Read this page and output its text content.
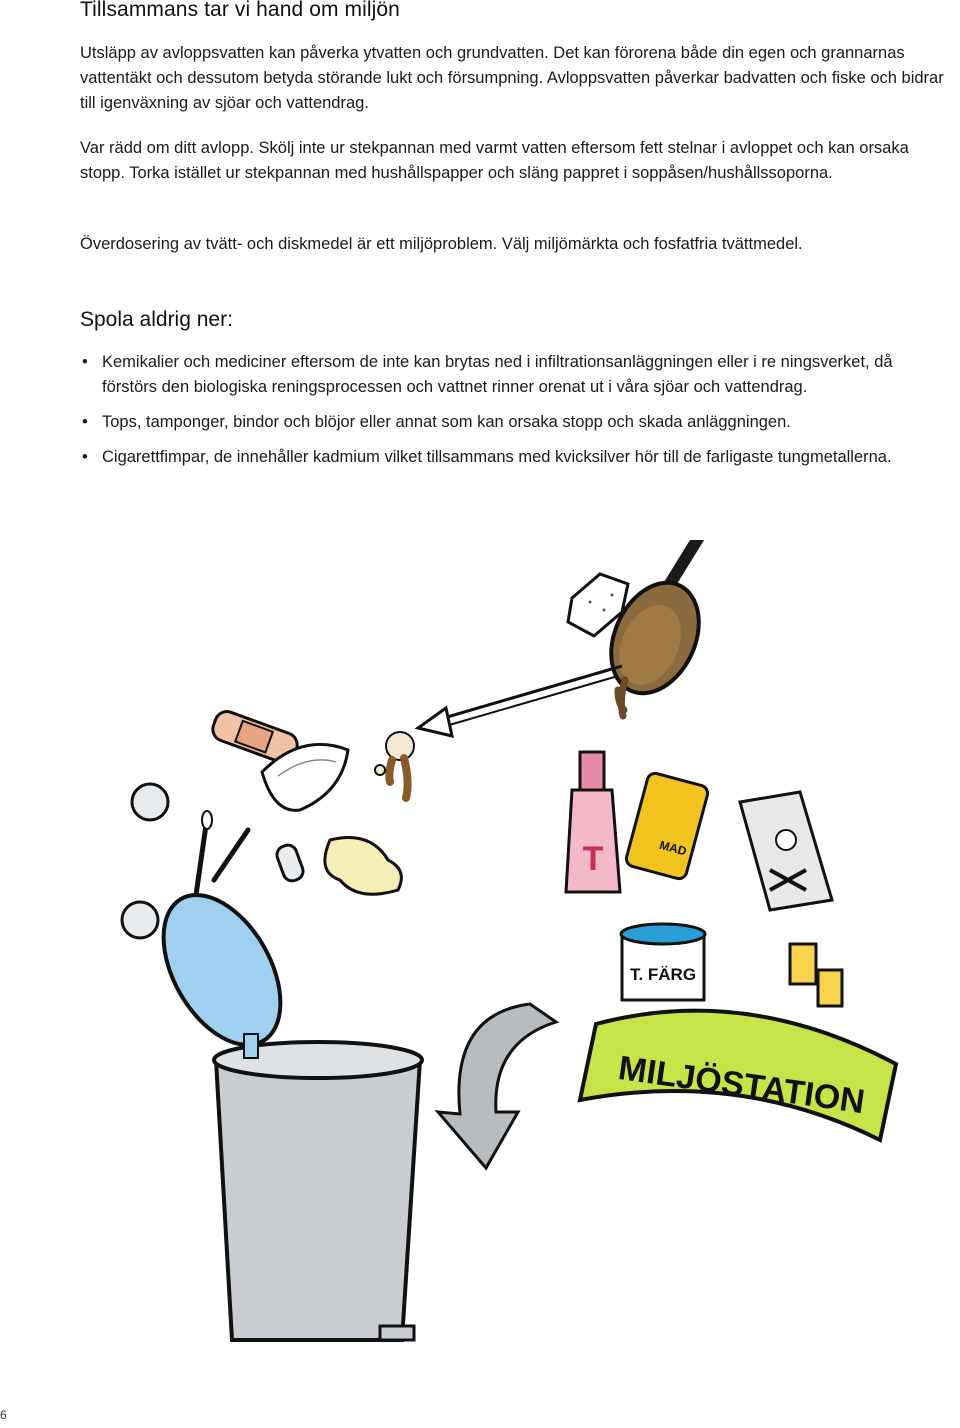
Tillsammans tar vi hand om miljön

Utsläpp av avloppsvatten kan påverka ytvatten och grundvatten. Det kan förorena både din egen och grannarnas vattentäkt och dessutom betyda störande lukt och försumpning. Avloppsvatten påverkar badvatten och fiske och bidrar till igenväxning av sjöar och vattendrag.

Var rädd om ditt avlopp. Skölj inte ur stekpannan med varmt vatten eftersom fett stelnar i avloppet och kan orsaka stopp. Torka istället ur stekpannan med hushållspapper och släng pappret i soppåsen/hushållssoporna.

Överdosering av tvätt- och diskmedel är ett miljöproblem. Välj miljömärkta och fosfatfria tvättmedel.

Spola aldrig ner:
• Kemikalier och mediciner eftersom de inte kan brytas ned i infiltrationsanläggningen eller i re ningsverket, då förstörs den biologiska reningsprocessen och vattnet rinner orenat ut i våra sjöar och vattendrag.
• Tops, tamponger, bindor och blöjor eller annat som kan orsaka stopp och skada anläggningen.
• Cigarettfimpar, de innehåller kadmium vilket tillsammans med kvicksilver hör till de farligaste tungmetallerna.
T	MAD
T. FÄRG
MILJÖSTATION
6
